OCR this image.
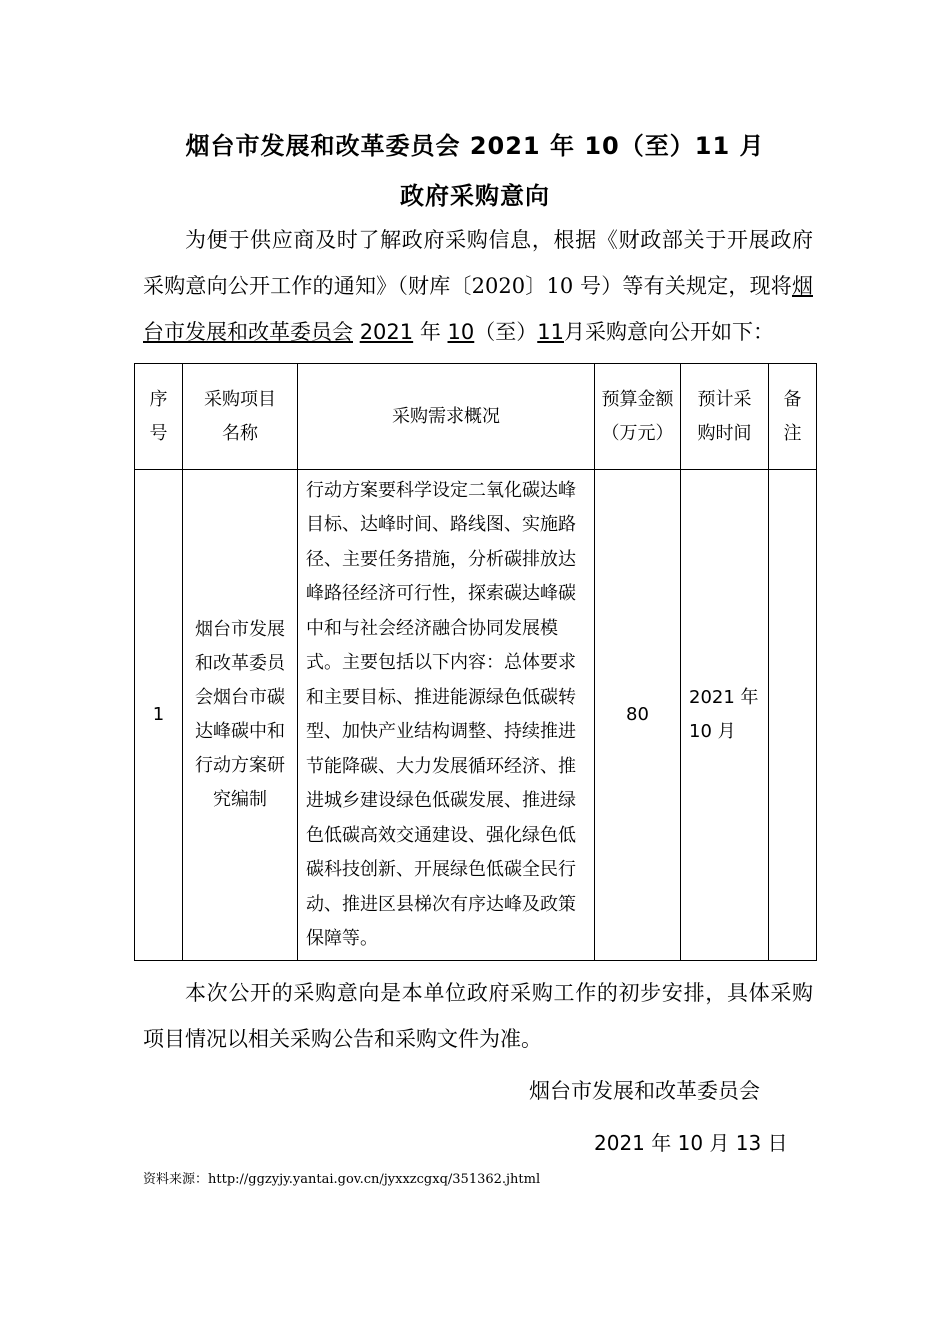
烟台市发展和改革委员会 2021 年 10（至）11 月
政府采购意向
为便于供应商及时了解政府采购信息，根据《财政部关于开展政府采购意向公开工作的通知》（财库〔2020〕10 号）等有关规定，现将烟台市发展和改革委员会 2021 年 10（至）11月采购意向公开如下：
序号	采购项目名称	采购需求概况	预算金额（万元）	预计采购时间	备注
1	烟台市发展和改革委员会烟台市碳达峰碳中和行动方案研究编制	行动方案要科学设定二氧化碳达峰目标、达峰时间、路线图、实施路径、主要任务措施，分析碳排放达峰路径经济可行性，探索碳达峰碳中和与社会经济融合协同发展模式。主要包括以下内容：总体要求和主要目标、推进能源绿色低碳转型、加快产业结构调整、持续推进节能降碳、大力发展循环经济、推进城乡建设绿色低碳发展、推进绿色低碳高效交通建设、强化绿色低碳科技创新、开展绿色低碳全民行动、推进区县梯次有序达峰及政策保障等。	80	2021 年 10 月	
本次公开的采购意向是本单位政府采购工作的初步安排，具体采购项目情况以相关采购公告和采购文件为准。
烟台市发展和改革委员会
2021 年 10 月 13 日
资料来源：http://ggzyjy.yantai.gov.cn/jyxxzcgxq/351362.jhtml
